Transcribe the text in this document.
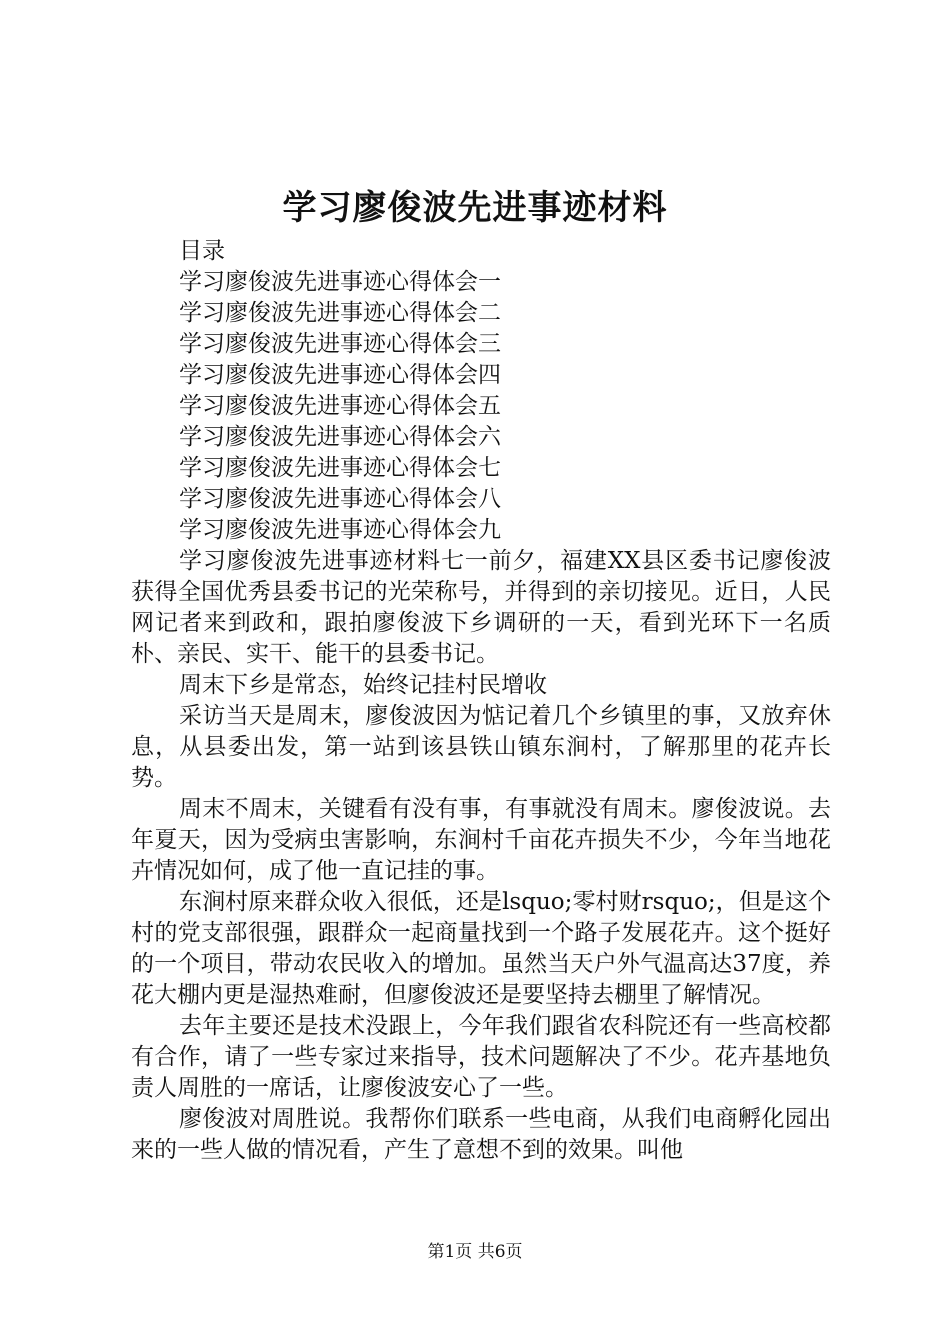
学习廖俊波先进事迹材料
目录
学习廖俊波先进事迹心得体会一
学习廖俊波先进事迹心得体会二
学习廖俊波先进事迹心得体会三
学习廖俊波先进事迹心得体会四
学习廖俊波先进事迹心得体会五
学习廖俊波先进事迹心得体会六
学习廖俊波先进事迹心得体会七
学习廖俊波先进事迹心得体会八
学习廖俊波先进事迹心得体会九

学习廖俊波先进事迹材料七一前夕，福建XX县区委书记廖俊波获得全国优秀县委书记的光荣称号，并得到的亲切接见。近日，人民网记者来到政和，跟拍廖俊波下乡调研的一天，看到光环下一名质朴、亲民、实干、能干的县委书记。

周末下乡是常态，始终记挂村民增收

采访当天是周末，廖俊波因为惦记着几个乡镇里的事，又放弃休息，从县委出发，第一站到该县铁山镇东涧村，了解那里的花卉长势。

周末不周末，关键看有没有事，有事就没有周末。廖俊波说。去年夏天，因为受病虫害影响，东涧村千亩花卉损失不少，今年当地花卉情况如何，成了他一直记挂的事。

东涧村原来群众收入很低，还是lsquo;零村财rsquo;，但是这个村的党支部很强，跟群众一起商量找到一个路子发展花卉。这个挺好的一个项目，带动农民收入的增加。虽然当天户外气温高达37度，养花大棚内更是湿热难耐，但廖俊波还是要坚持去棚里了解情况。

去年主要还是技术没跟上，今年我们跟省农科院还有一些高校都有合作，请了一些专家过来指导，技术问题解决了不少。花卉基地负责人周胜的一席话，让廖俊波安心了一些。

廖俊波对周胜说。我帮你们联系一些电商，从我们电商孵化园出来的一些人做的情况看，产生了意想不到的效果。叫他

第1页 共6页
